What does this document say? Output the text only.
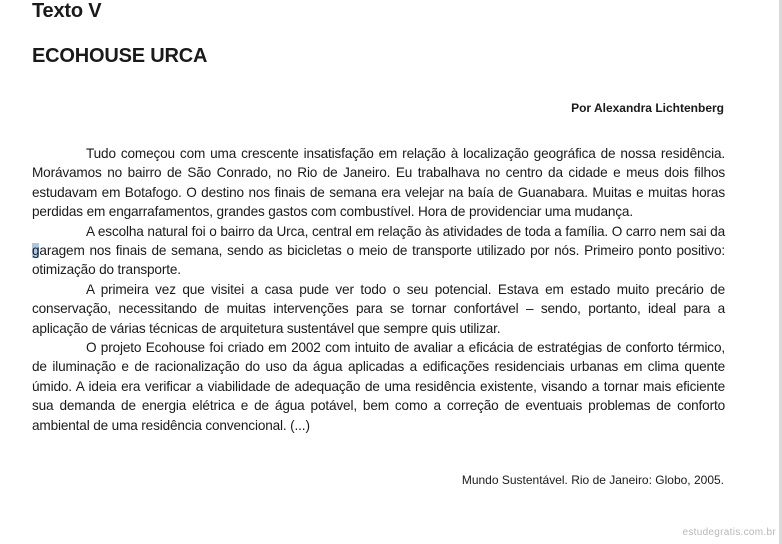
Texto V
ECOHOUSE URCA
Por Alexandra Lichtenberg

Tudo começou com uma crescente insatisfação em relação à localização geográfica de nossa residência. Morávamos no bairro de São Conrado, no Rio de Janeiro. Eu trabalhava no centro da cidade e meus dois filhos estudavam em Botafogo. O destino nos finais de semana era velejar na baía de Guanabara. Muitas e muitas horas perdidas em engarrafamentos, grandes gastos com combustível. Hora de providenciar uma mudança.

A escolha natural foi o bairro da Urca, central em relação às atividades de toda a família. O carro nem sai da garagem nos finais de semana, sendo as bicicletas o meio de transporte utilizado por nós. Primeiro ponto positivo: otimização do transporte.

A primeira vez que visitei a casa pude ver todo o seu potencial. Estava em estado muito precário de conservação, necessitando de muitas intervenções para se tornar confortável – sendo, portanto, ideal para a aplicação de várias técnicas de arquitetura sustentável que sempre quis utilizar.

O projeto Ecohouse foi criado em 2002 com intuito de avaliar a eficácia de estratégias de conforto térmico, de iluminação e de racionalização do uso da água aplicadas a edificações residenciais urbanas em clima quente úmido. A ideia era verificar a viabilidade de adequação de uma residência existente, visando a tornar mais eficiente sua demanda de energia elétrica e de água potável, bem como a correção de eventuais problemas de conforto ambiental de uma residência convencional. (...)

Mundo Sustentável. Rio de Janeiro: Globo, 2005.
estudegratis.com.br
